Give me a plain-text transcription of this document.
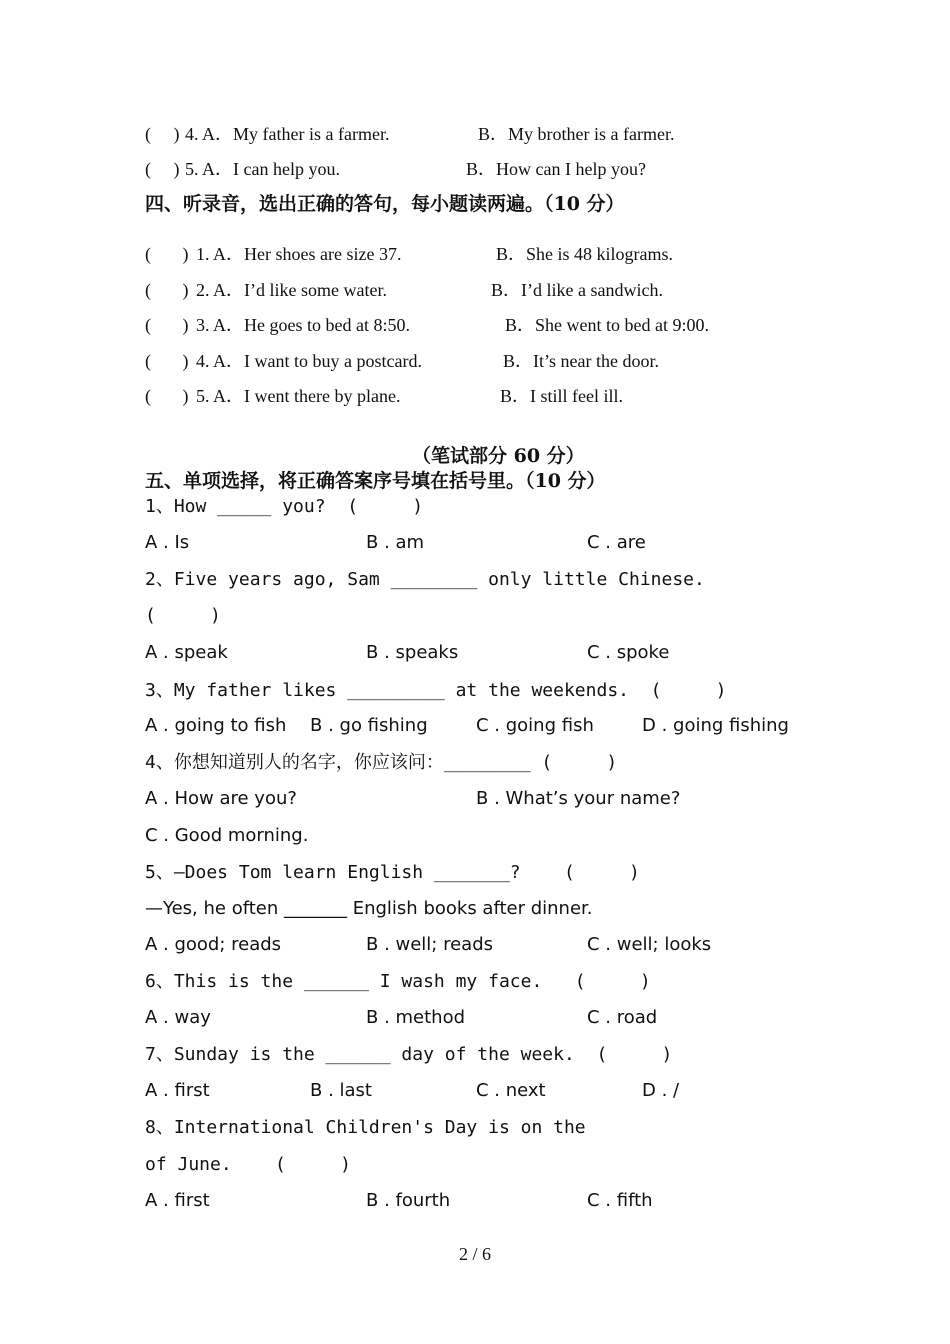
(     ) 4. A．My father is a farmer.	B．My brother is a farmer.
(     ) 5. A．I can help you.	B．How can I help you?
四、听录音，选出正确的答句，每小题读两遍。（10 分）
(       ) 1. A．Her shoes are size 37.	B．She is 48 kilograms.
(       ) 2. A．I’d like some water.	B．I’d like a sandwich.
(       ) 3. A．He goes to bed at 8:50.	B．She went to bed at 9:00.
(       ) 4. A．I want to buy a postcard.	B．It’s near the door.
(       ) 5. A．I went there by plane.	B．I still feel ill.
（笔试部分 60 分）
五、单项选择，将正确答案序号填在括号里。（10 分）
1、How _____ you?  (     )
A . Is	B . am	C . are
2、Five years ago, Sam ________ only little Chinese.
(     )
A . speak	B . speaks	C . spoke
3、My father likes _________ at the weekends.  (     )
A . going to fish B . go fishing	C . going fish	D . going fishing
4、你想知道别人的名字，你应该问：________ (     )
A . How are you?	B . What’s your name?
C . Good morning.
5、—Does Tom learn English _______?    (     )
—Yes, he often _______ English books after dinner.
A . good; reads	B . well; reads	C . well; looks
6、This is the ______ I wash my face.   (     )
A . way	B . method	C . road
7、Sunday is the ______ day of the week.  (     )
A . first	B . last	C . next	D . /
8、International Children's Day is on the
of June.    (     )
A . first	B . fourth	C . fifth
2 / 6
